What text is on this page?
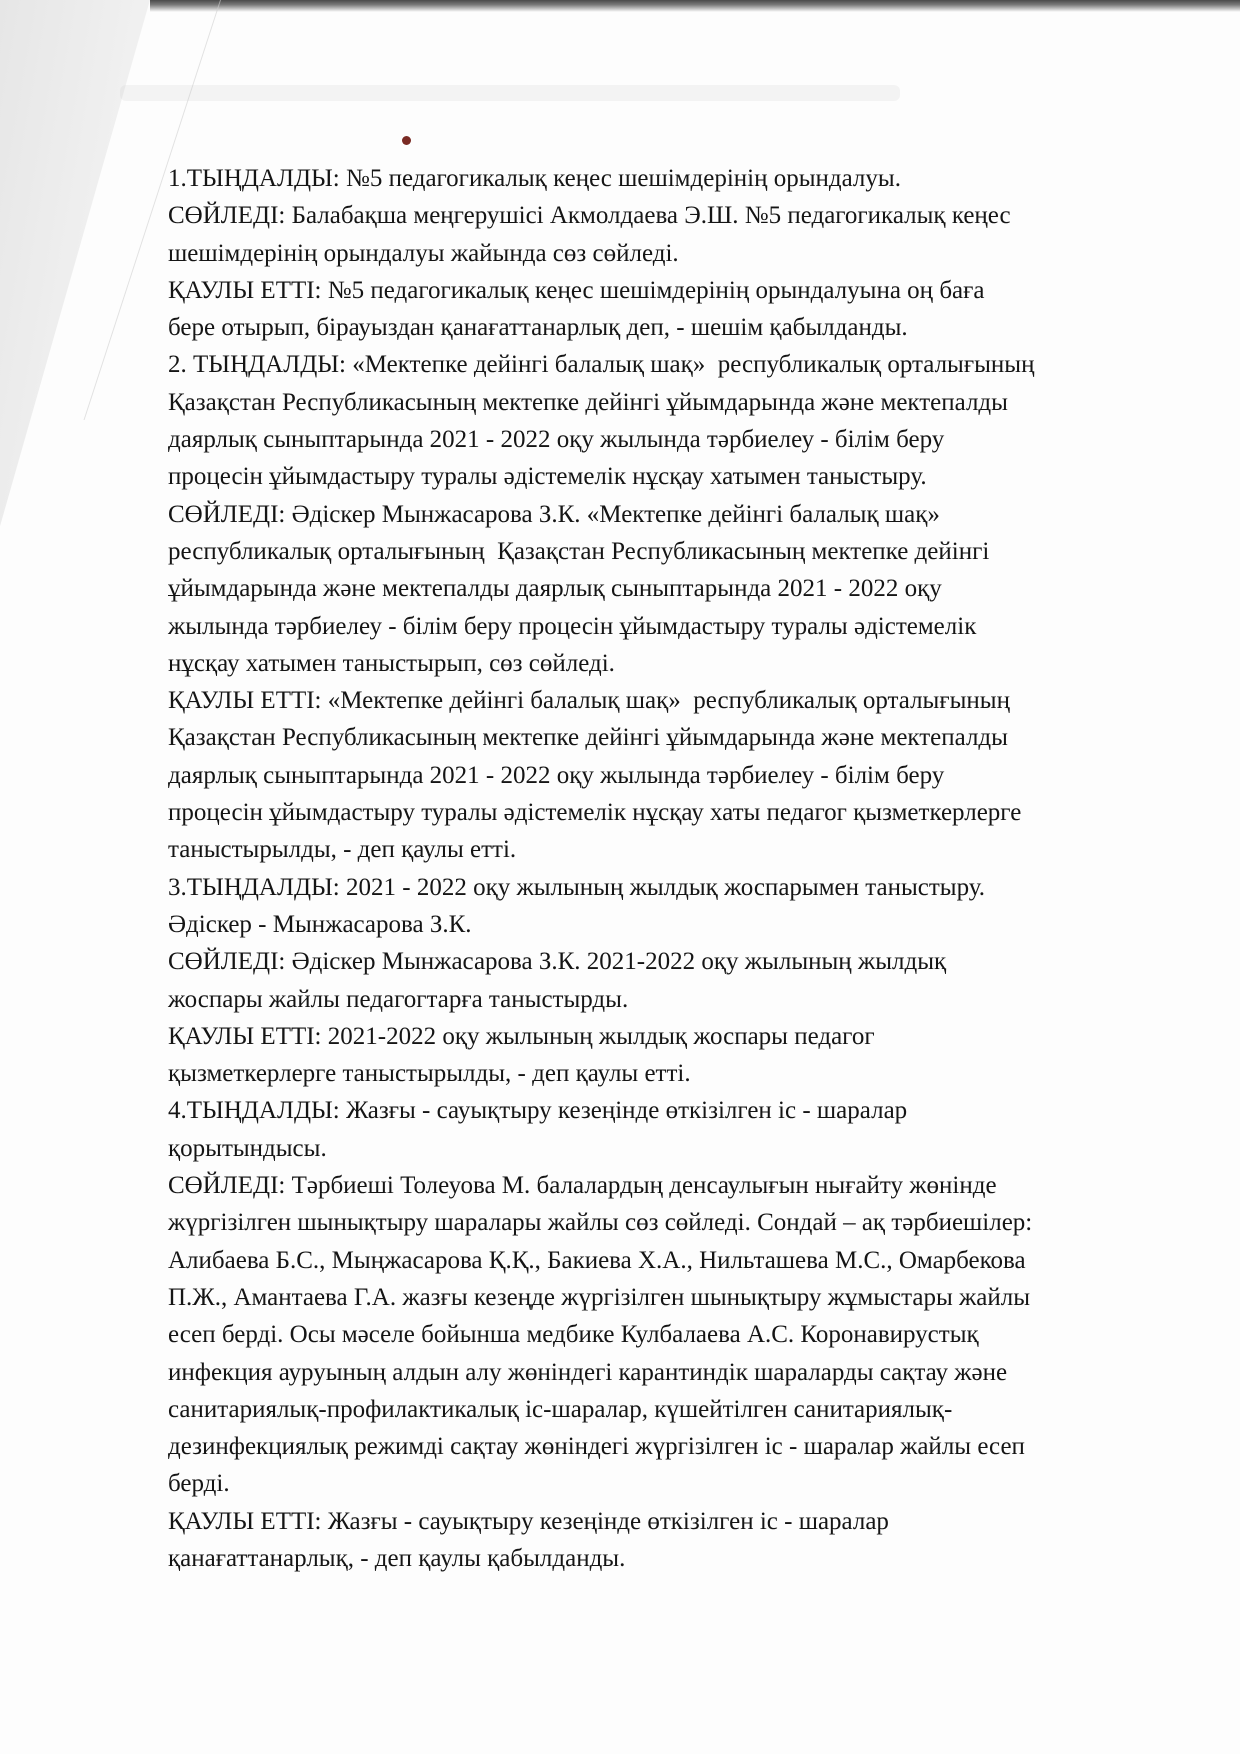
1.ТЫҢДАЛДЫ: №5 педагогикалық кеңес шешімдерінің орындалуы.

СӨЙЛЕДІ: Балабақша меңгерушісі Акмолдаева Э.Ш. №5 педагогикалық кеңес

шешімдерінің орындалуы жайында сөз сөйледі.

ҚАУЛЫ ЕТТІ: №5 педагогикалық кеңес шешімдерінің орындалуына оң баға

бере отырып, бірауыздан қанағаттанарлық деп, - шешім қабылданды.

2. ТЫҢДАЛДЫ: «Мектепке дейінгі балалық шақ»  республикалық орталығының

Қазақстан Республикасының мектепке дейінгі ұйымдарында және мектепалды

даярлық сыныптарында 2021 - 2022 оқу жылында тәрбиелеу - білім беру

процесін ұйымдастыру туралы әдістемелік нұсқау хатымен таныстыру.

СӨЙЛЕДІ: Әдіскер Мынжасарова З.К. «Мектепке дейінгі балалық шақ»

республикалық орталығының  Қазақстан Республикасының мектепке дейінгі

ұйымдарында және мектепалды даярлық сыныптарында 2021 - 2022 оқу

жылында тәрбиелеу - білім беру процесін ұйымдастыру туралы әдістемелік

нұсқау хатымен таныстырып, сөз сөйледі.

ҚАУЛЫ ЕТТІ: «Мектепке дейінгі балалық шақ»  республикалық орталығының

Қазақстан Республикасының мектепке дейінгі ұйымдарында және мектепалды

даярлық сыныптарында 2021 - 2022 оқу жылында тәрбиелеу - білім беру

процесін ұйымдастыру туралы әдістемелік нұсқау хаты педагог қызметкерлерге

таныстырылды, - деп қаулы етті.

3.ТЫҢДАЛДЫ: 2021 - 2022 оқу жылының жылдық жоспарымен таныстыру.

Әдіскер - Мынжасарова З.К.

СӨЙЛЕДІ: Әдіскер Мынжасарова З.К. 2021-2022 оқу жылының жылдық

жоспары жайлы педагогтарға таныстырды.

ҚАУЛЫ ЕТТІ: 2021-2022 оқу жылының жылдық жоспары педагог

қызметкерлерге таныстырылды, - деп қаулы етті.

4.ТЫҢДАЛДЫ: Жазғы - сауықтыру кезеңінде өткізілген іс - шаралар

қорытындысы.

СӨЙЛЕДІ: Тәрбиеші Толеуова М. балалардың денсаулығын нығайту жөнінде

жүргізілген шынықтыру шаралары жайлы сөз сөйледі. Сондай – ақ тәрбиешілер:

Алибаева Б.С., Мыңжасарова Қ.Қ., Бакиева Х.А., Нильташева М.С., Омарбекова

П.Ж., Амантаева Г.А. жазғы кезеңде жүргізілген шынықтыру жұмыстары жайлы

есеп берді. Осы мәселе бойынша медбике Кулбалаева А.С. Коронавирустық

инфекция ауруының алдын алу жөніндегі карантиндік шараларды сақтау және

санитариялық-профилактикалық іс-шаралар, күшейтілген санитариялық-

дезинфекциялық режимді сақтау жөніндегі жүргізілген іс - шаралар жайлы есеп

берді.

ҚАУЛЫ ЕТТІ: Жазғы - сауықтыру кезеңінде өткізілген іс - шаралар

қанағаттанарлық, - деп қаулы қабылданды.
